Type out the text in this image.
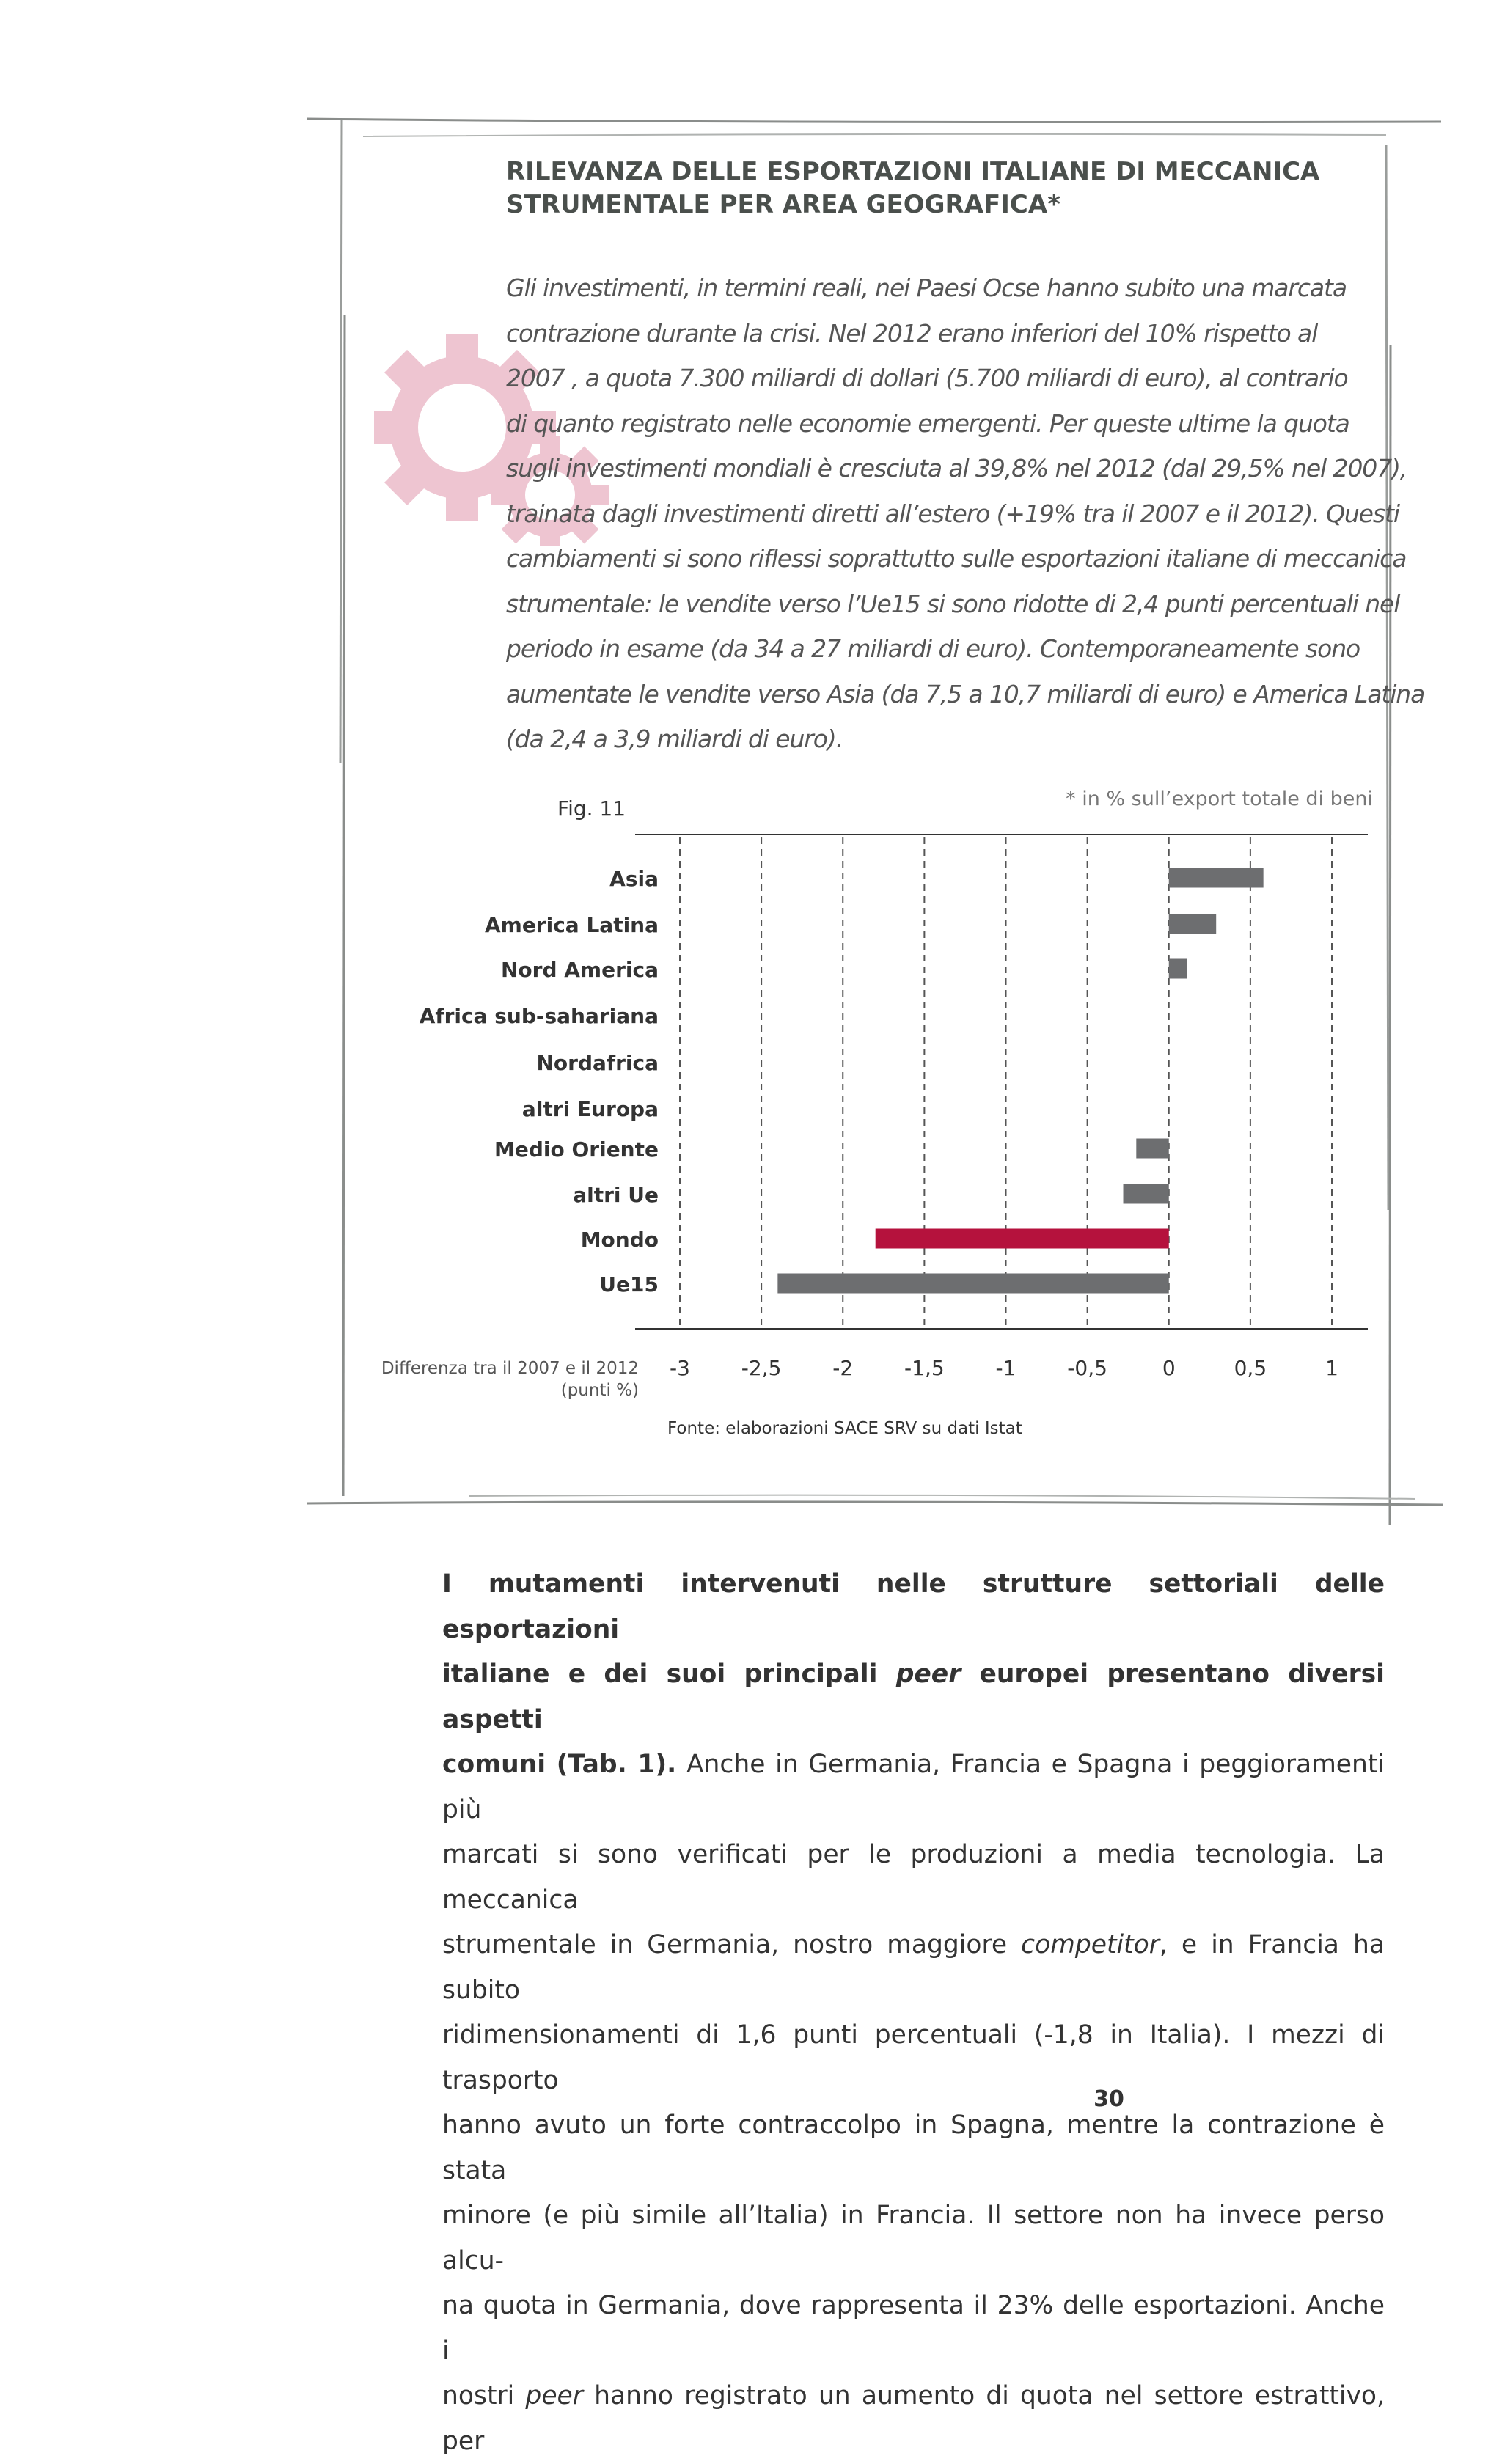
RILEVANZA DELLE ESPORTAZIONI ITALIANE DI MECCANICA
STRUMENTALE PER AREA GEOGRAFICA*

Gli investimenti, in termini reali, nei Paesi Ocse hanno subito una marcata

contrazione durante la crisi. Nel 2012 erano inferiori del 10% rispetto al

2007 , a quota 7.300 miliardi di dollari (5.700 miliardi di euro), al contrario

di quanto registrato nelle economie emergenti. Per queste ultime la quota

sugli investimenti mondiali è cresciuta al 39,8% nel 2012 (dal 29,5% nel 2007),

trainata dagli investimenti diretti all’estero (+19% tra il 2007 e il 2012). Questi

cambiamenti si sono riflessi soprattutto sulle esportazioni italiane di meccanica

strumentale: le vendite verso l’Ue15 si sono ridotte di 2,4 punti percentuali nel

periodo in esame (da 34 a 27 miliardi di euro). Contemporaneamente sono

aumentate le vendite verso Asia (da 7,5 a 10,7 miliardi di euro) e America Latina

(da 2,4 a 3,9 miliardi di euro).

Asia
America Latina
Nord America
Africa sub-sahariana
Nordafrica
altri Europa
Medio Oriente
altri Ue
Mondo
Ue15
-3 -2,5 -2 -1,5 -1 -0,5	0	0,5	1
Fig. 11	* in % sull’export totale di beni
Differenza tra il 2007 e il 2012
(punti %)
Fonte: elaborazioni SACE SRV su dati Istat

I mutamenti intervenuti nelle strutture settoriali delle esportazioni

italiane e dei suoi principali peer europei presentano diversi aspetti

comuni (Tab. 1). Anche in Germania, Francia e Spagna i peggioramenti più

marcati si sono verificati per le produzioni a media tecnologia. La meccanica

strumentale in Germania, nostro maggiore competitor, e in Francia ha subito

ridimensionamenti di 1,6 punti percentuali (-1,8 in Italia). I mezzi di trasporto

hanno avuto un forte contraccolpo in Spagna, mentre la contrazione è stata

minore (e più simile all’Italia) in Francia. Il settore non ha invece perso alcu-

na quota in Germania, dove rappresenta il 23% delle esportazioni. Anche i

nostri peer hanno registrato un aumento di quota nel settore estrattivo, per

30
